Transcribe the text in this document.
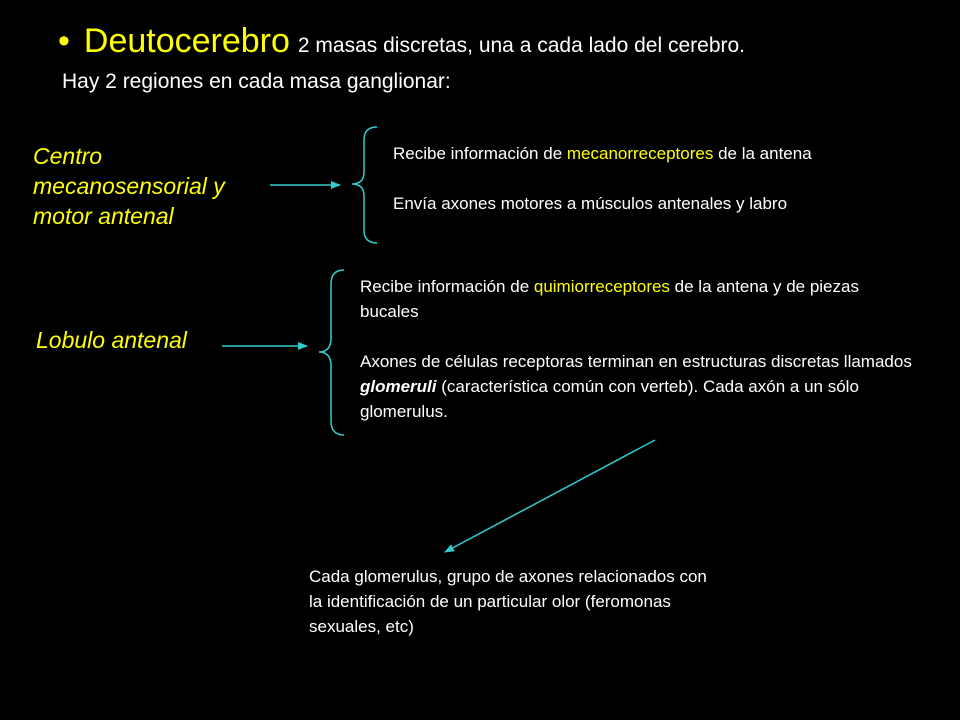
• Deutocerebro 2 masas discretas, una a cada lado del cerebro.
Hay 2 regiones en cada masa ganglionar:
Centro mecanosensorial y motor antenal

Recibe información de mecanorreceptores de la antena

Envía axones motores a músculos antenales y labro

Lobulo antenal

Recibe información de quimiorreceptores de la antena y de piezas bucales

Axones de células receptoras terminan en estructuras discretas llamados glomeruli (característica común con verteb). Cada axón a un sólo glomerulus.

Cada glomerulus, grupo de axones relacionados con la identificación de un particular olor (feromonas sexuales, etc)
